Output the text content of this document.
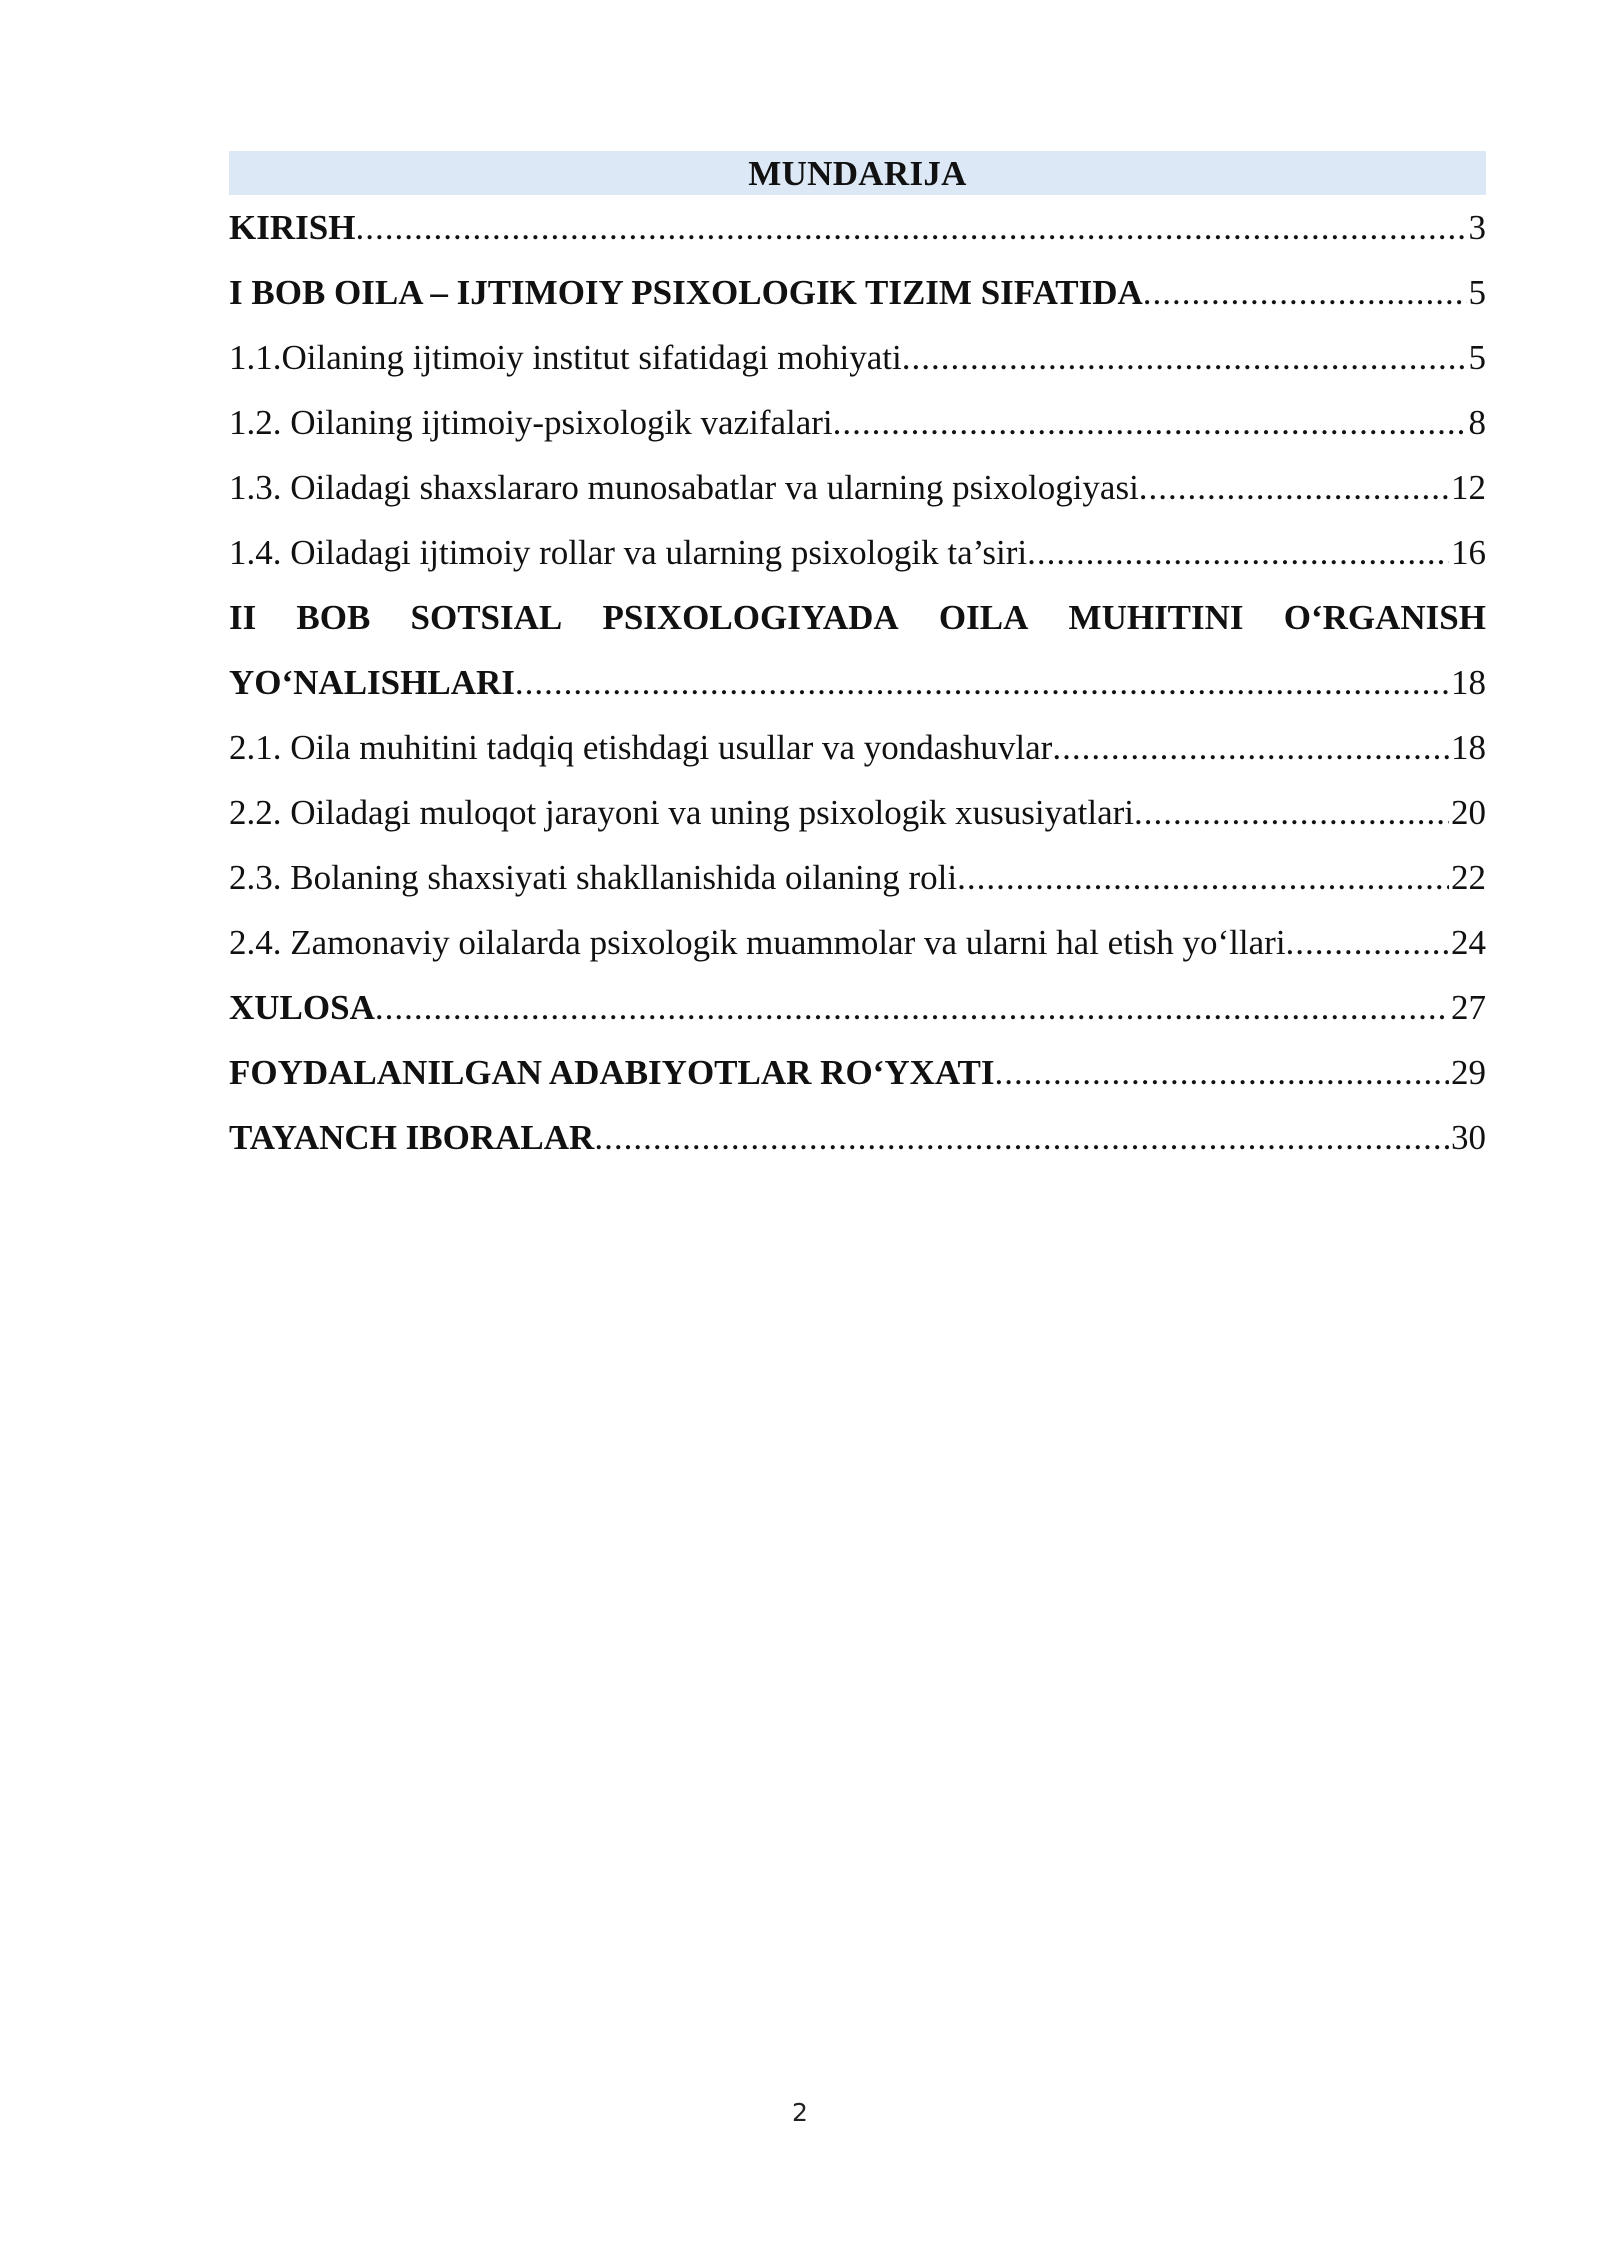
MUNDARIJA
KIRISH .....	3
I BOB OILA – IJTIMOIY PSIXOLOGIK TIZIM SIFATIDA .....	5
1.1.Oilaning ijtimoiy institut sifatidagi mohiyati .....	5
1.2. Oilaning ijtimoiy-psixologik vazifalari .....	8
1.3. Oiladagi shaxslararo munosabatlar va ularning psixologiyasi .....	12
1.4. Oiladagi ijtimoiy rollar va ularning psixologik ta’siri .....	16
II BOB SOTSIAL PSIXOLOGIYADA OILA MUHITINI O‘RGANISH
YO‘NALISHLARI .....	18
2.1. Oila muhitini tadqiq etishdagi usullar va yondashuvlar .....	18
2.2. Oiladagi muloqot jarayoni va uning psixologik xususiyatlari .....	20
2.3. Bolaning shaxsiyati shakllanishida oilaning roli .....	22
2.4. Zamonaviy oilalarda psixologik muammolar va ularni hal etish yo‘llari .....	24
XULOSA .....	27
FOYDALANILGAN ADABIYOTLAR RO‘YXATI .....	29
TAYANCH IBORALAR .....	30
2
